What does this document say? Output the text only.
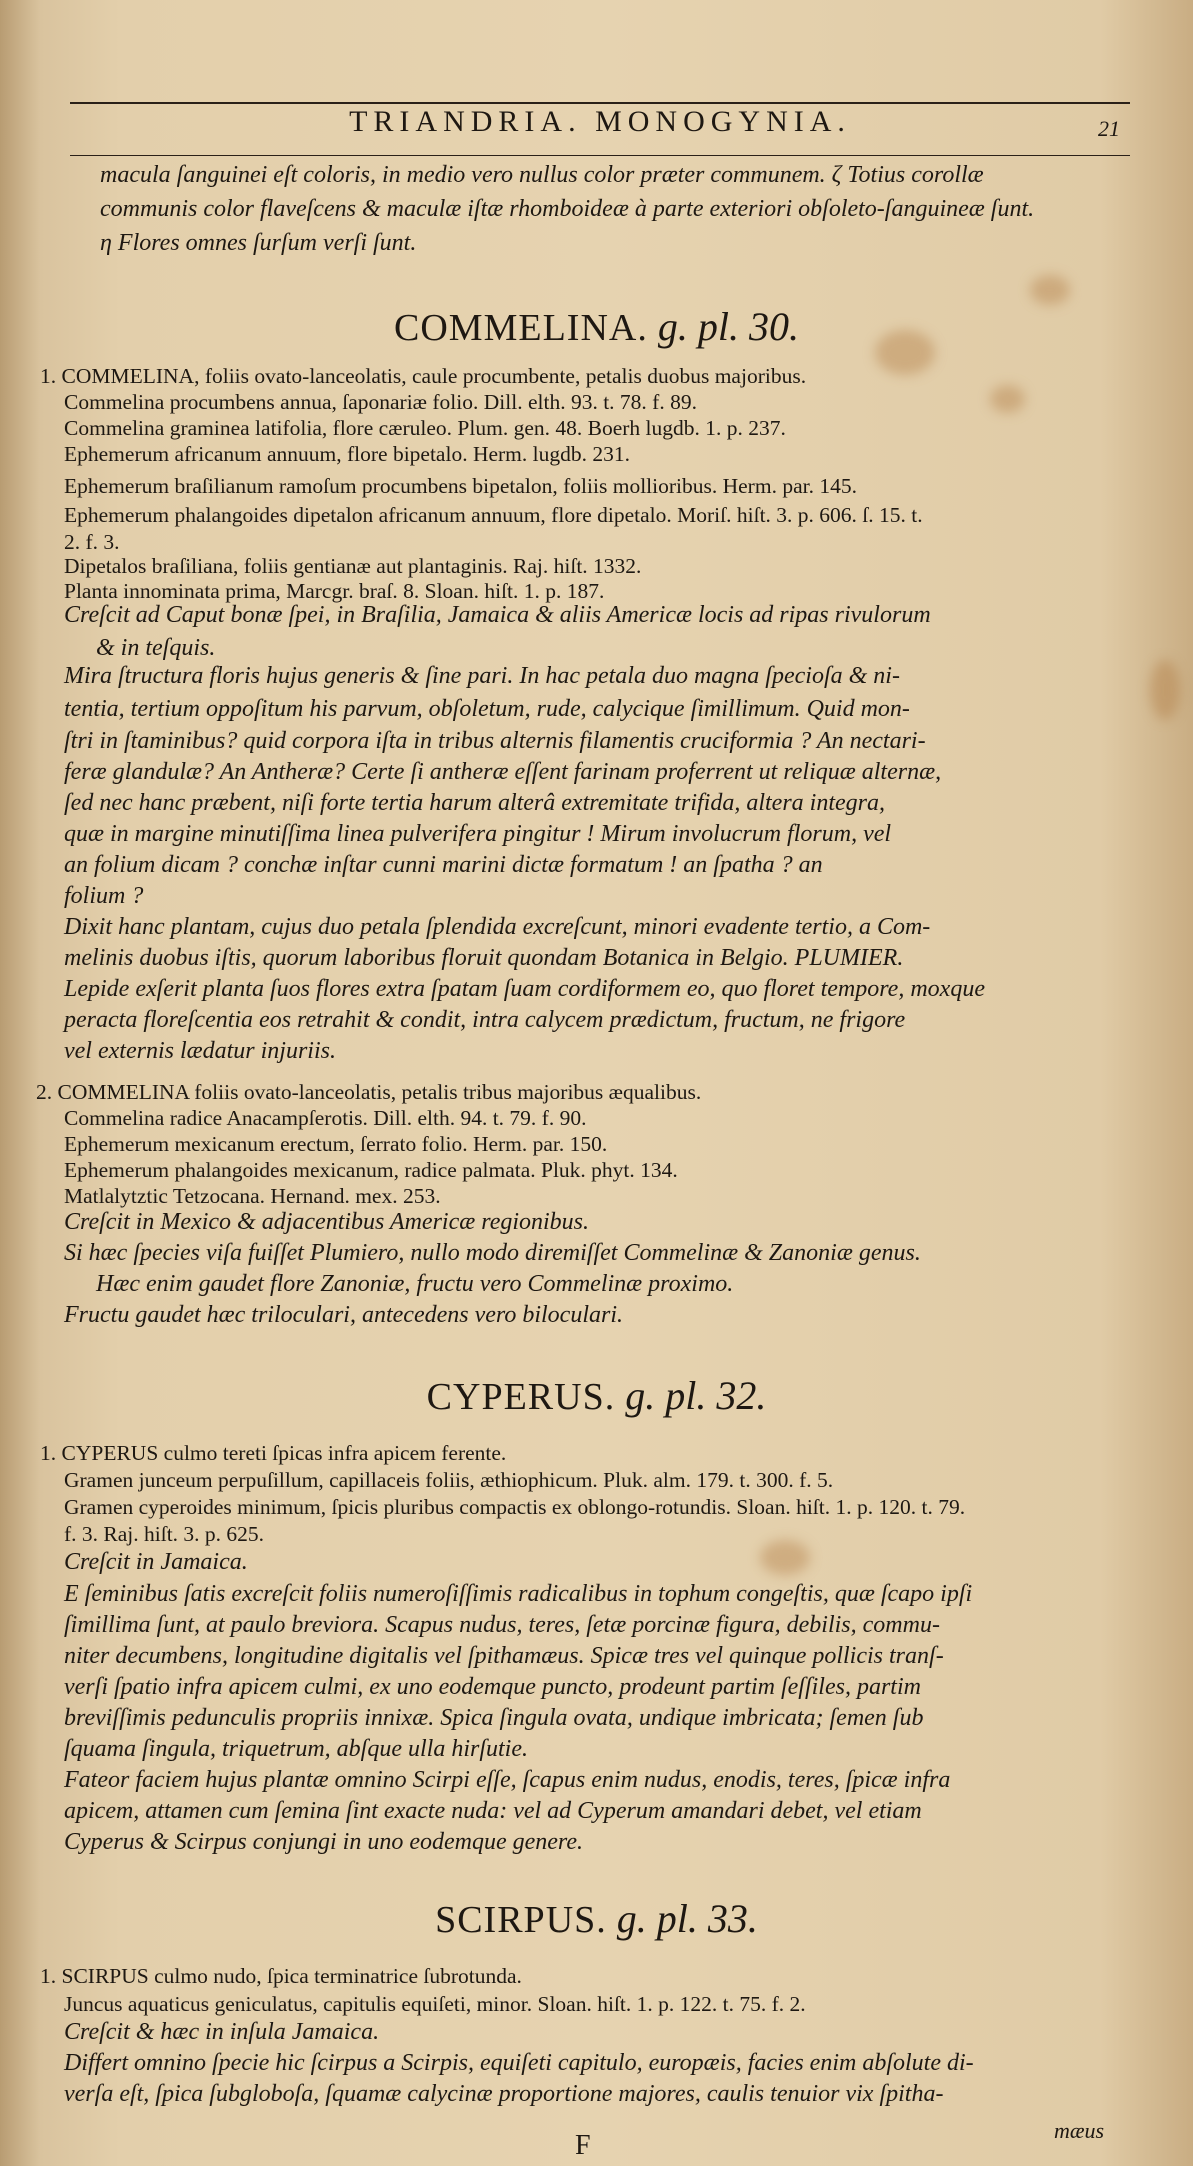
TRIANDRIA. MONOGYNIA.	21
macula ſanguinei eſt coloris, in medio vero nullus color præter communem. ζ Totius corollæ
communis color flaveſcens & maculæ iſtæ rhomboideæ à parte exteriori obſoleto-ſanguineæ ſunt.
η Flores omnes ſurſum verſi ſunt.
COMMELINA. g. pl. 30.
1. COMMELINA, foliis ovato-lanceolatis, caule procumbente, petalis duobus majoribus.
Commelina procumbens annua, ſaponariæ folio. Dill. elth. 93. t. 78. f. 89.
Commelina graminea latifolia, flore cæruleo. Plum. gen. 48. Boerh lugdb. 1. p. 237.
Ephemerum africanum annuum, flore bipetalo. Herm. lugdb. 231.
Ephemerum braſilianum ramoſum procumbens bipetalon, foliis mollioribus. Herm. par. 145.
Ephemerum phalangoides dipetalon africanum annuum, flore dipetalo. Moriſ. hiſt. 3. p. 606. ſ. 15. t.
2. f. 3.
Dipetalos braſiliana, foliis gentianæ aut plantaginis. Raj. hiſt. 1332.
Planta innominata prima, Marcgr. braſ. 8. Sloan. hiſt. 1. p. 187.
Creſcit ad Caput bonæ ſpei, in Braſilia, Jamaica & aliis Americæ locis ad ripas rivulorum
& in teſquis.
Mira ſtructura floris hujus generis & ſine pari. In hac petala duo magna ſpecioſa & ni-
tentia, tertium oppoſitum his parvum, obſoletum, rude, calycique ſimillimum. Quid mon-
ſtri in ſtaminibus? quid corpora iſta in tribus alternis filamentis cruciformia ? An nectari-
feræ glandulæ? An Antheræ? Certe ſi antheræ eſſent farinam proferrent ut reliquæ alternæ,
ſed nec hanc præbent, niſi forte tertia harum alterâ extremitate trifida, altera integra,
quæ in margine minutiſſima linea pulverifera pingitur ! Mirum involucrum florum, vel
an folium dicam ? conchæ inſtar cunni marini dictæ formatum ! an ſpatha ? an
folium ?
Dixit hanc plantam, cujus duo petala ſplendida excreſcunt, minori evadente tertio, a Com-
melinis duobus iſtis, quorum laboribus floruit quondam Botanica in Belgio. PLUMIER.
Lepide exſerit planta ſuos flores extra ſpatam ſuam cordiformem eo, quo floret tempore, moxque
peracta floreſcentia eos retrahit & condit, intra calycem prædictum, fructum, ne frigore
vel externis lædatur injuriis.
2. COMMELINA foliis ovato-lanceolatis, petalis tribus majoribus æqualibus.
Commelina radice Anacampſerotis. Dill. elth. 94. t. 79. f. 90.
Ephemerum mexicanum erectum, ſerrato folio. Herm. par. 150.
Ephemerum phalangoides mexicanum, radice palmata. Pluk. phyt. 134.
Matlalytztic Tetzocana. Hernand. mex. 253.
Creſcit in Mexico & adjacentibus Americæ regionibus.
Si hæc ſpecies viſa fuiſſet Plumiero, nullo modo diremiſſet Commelinæ & Zanoniæ genus.
Hæc enim gaudet flore Zanoniæ, fructu vero Commelinæ proximo.
Fructu gaudet hæc triloculari, antecedens vero biloculari.
CYPERUS. g. pl. 32.
1. CYPERUS culmo tereti ſpicas infra apicem ferente.
Gramen junceum perpuſillum, capillaceis foliis, æthiophicum. Pluk. alm. 179. t. 300. f. 5.
Gramen cyperoides minimum, ſpicis pluribus compactis ex oblongo-rotundis. Sloan. hiſt. 1. p. 120. t. 79.
f. 3. Raj. hiſt. 3. p. 625.
Creſcit in Jamaica.
E ſeminibus ſatis excreſcit foliis numeroſiſſimis radicalibus in tophum congeſtis, quæ ſcapo ipſi
ſimillima ſunt, at paulo breviora. Scapus nudus, teres, ſetæ porcinæ figura, debilis, commu-
niter decumbens, longitudine digitalis vel ſpithamæus. Spicæ tres vel quinque pollicis tranſ-
verſi ſpatio infra apicem culmi, ex uno eodemque puncto, prodeunt partim ſeſſiles, partim
breviſſimis pedunculis propriis innixæ. Spica ſingula ovata, undique imbricata; ſemen ſub
ſquama ſingula, triquetrum, abſque ulla hirſutie.
Fateor faciem hujus plantæ omnino Scirpi eſſe, ſcapus enim nudus, enodis, teres, ſpicæ infra
apicem, attamen cum ſemina ſint exacte nuda: vel ad Cyperum amandari debet, vel etiam
Cyperus & Scirpus conjungi in uno eodemque genere.
SCIRPUS. g. pl. 33.
1. SCIRPUS culmo nudo, ſpica terminatrice ſubrotunda.
Juncus aquaticus geniculatus, capitulis equiſeti, minor. Sloan. hiſt. 1. p. 122. t. 75. f. 2.
Creſcit & hæc in inſula Jamaica.
Differt omnino ſpecie hic ſcirpus a Scirpis, equiſeti capitulo, europæis, facies enim abſolute di-
verſa eſt, ſpica ſubgloboſa, ſquamæ calycinæ proportione majores, caulis tenuior vix ſpitha-
F	mæus
